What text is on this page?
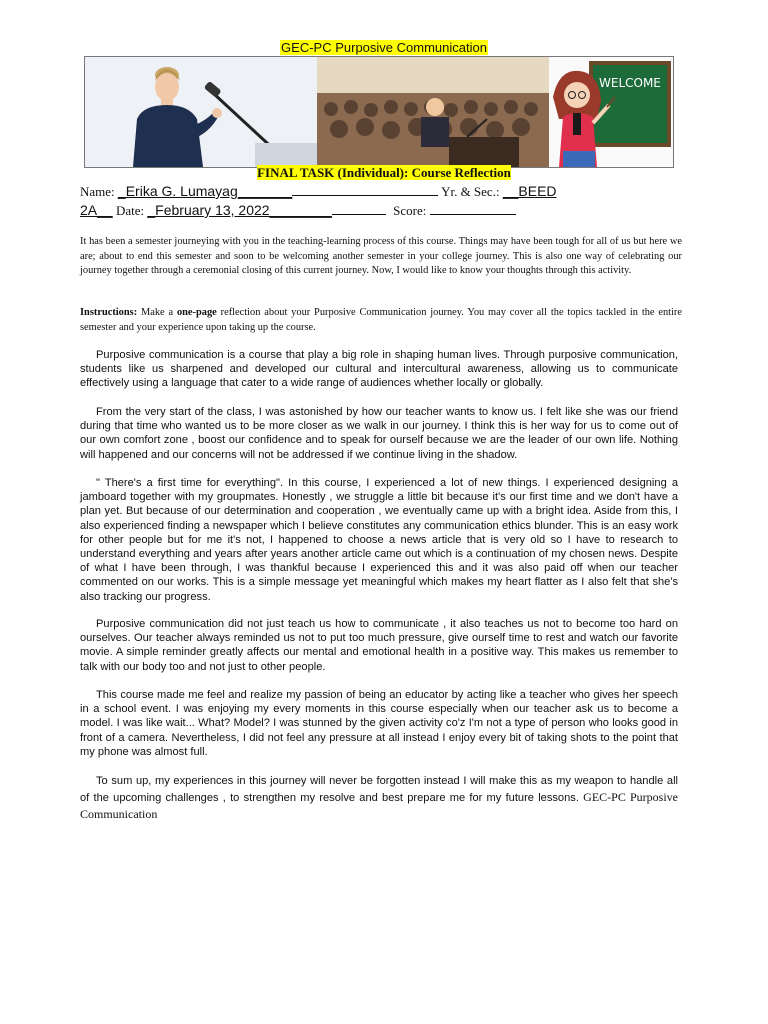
GEC-PC Purposive Communication
WELCOME
FINAL TASK (Individual): Course Reflection
Name: _Erika G. Lumayag_______	Yr. & Sec.: __BEED
2A__ Date: _February 13, 2022________	Score:
It has been a semester journeying with you in the teaching-learning process of this course. Things may have been tough for all of us but here we are; about to end this semester and soon to be welcoming another semester in your college journey. This is also one way of celebrating our journey together through a ceremonial closing of this current journey. Now, I would like to know your thoughts through this activity.
Instructions: Make a one-page reflection about your Purposive Communication journey. You may cover all the topics tackled in the entire semester and your experience upon taking up the course.
Purposive communication is a course that play a big role in shaping human lives. Through purposive communication, students like us sharpened and developed our cultural and intercultural awareness, allowing us to communicate effectively using a language that cater to a wide range of audiences whether locally or globally.
From the very start of the class, I was astonished by how our teacher wants to know us. I felt like she was our friend during that time who wanted us to be more closer as we walk in our journey. I think this is her way for us to come out of our own comfort zone , boost our confidence and to speak for ourself because we are the leader of our own life. Nothing will happened and our concerns will not be addressed if we continue living in the shadow.
" There's a first time for everything". In this course, I experienced a lot of new things. I experienced designing a jamboard together with my groupmates. Honestly , we struggle a little bit because it's our first time and we don't have a plan yet. But because of our determination and cooperation , we eventually came up with a bright idea. Aside from this, I also experienced finding a newspaper which I believe constitutes any communication ethics blunder. This is an easy work for other people but for me it's not, I happened to choose a news article that is very old so I have to research to understand everything and years after years another article came out which is a continuation of my chosen news. Despite of what I have been through, I was thankful because I experienced this and it was also paid off when our teacher commented on our works. This is a simple message yet meaningful which makes my heart flatter as I also felt that she's also tracking our progress.
Purposive communication did not just teach us how to communicate , it also teaches us not to become too hard on ourselves. Our teacher always reminded us not to put too much pressure, give ourself time to rest and watch our favorite movie. A simple reminder greatly affects our mental and emotional health in a positive way. This makes us remember to talk with our body too and not just to other people.
This course made me feel and realize my passion of being an educator by acting like a teacher who gives her speech in a school event. I was enjoying my every moments in this course especially when our teacher ask us to become a model. I was like wait... What? Model? I was stunned by the given activity co'z I'm not a type of person who looks good in front of a camera. Nevertheless, I did not feel any pressure at all instead I enjoy every bit of taking shots to the point that my phone was almost full.
To sum up, my experiences in this journey will never be forgotten instead I will make this as my weapon to handle all of the upcoming challenges , to strengthen my resolve and best prepare me for my future lessons. GEC-PC Purposive Communication
